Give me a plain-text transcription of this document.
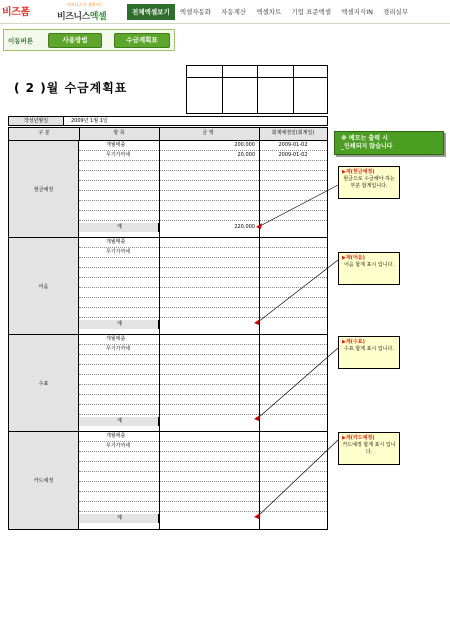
비즈폼
비즈니스가 쉬워지는
비즈니스엑셀	전체엑셀보기	엑셀자동화	자동계산	엑셀차트	기업 표준엑셀	엑셀지식IN	경리실무
이동버튼	사용방법	수금계획표
( 2 )월 수금계획표
작성년월일	2009년 1월 1일
구 분	항 목	금 액	회계예정일(회계일)
현금예정
개월매출	200,000	2009-01-02
무기가까세	20,000	2009-01-02
계	220,000
어음
개월매출
무기가까세
계
수표
개월매출
무기가까세
계
카드예정
개월매출
무기가까세
계
※ 메모는 출력 시
_인쇄되지 않습니다
▶계(현금예정)
현금으로 수금해야 하는 부분 합계입니다.
▶계(어음)
어음 합계 표시 입니다.
▶계(수표)
수표 합계 표시 입니다.
▶계(카드예정)
카드예정 합계 표시 입니다.
